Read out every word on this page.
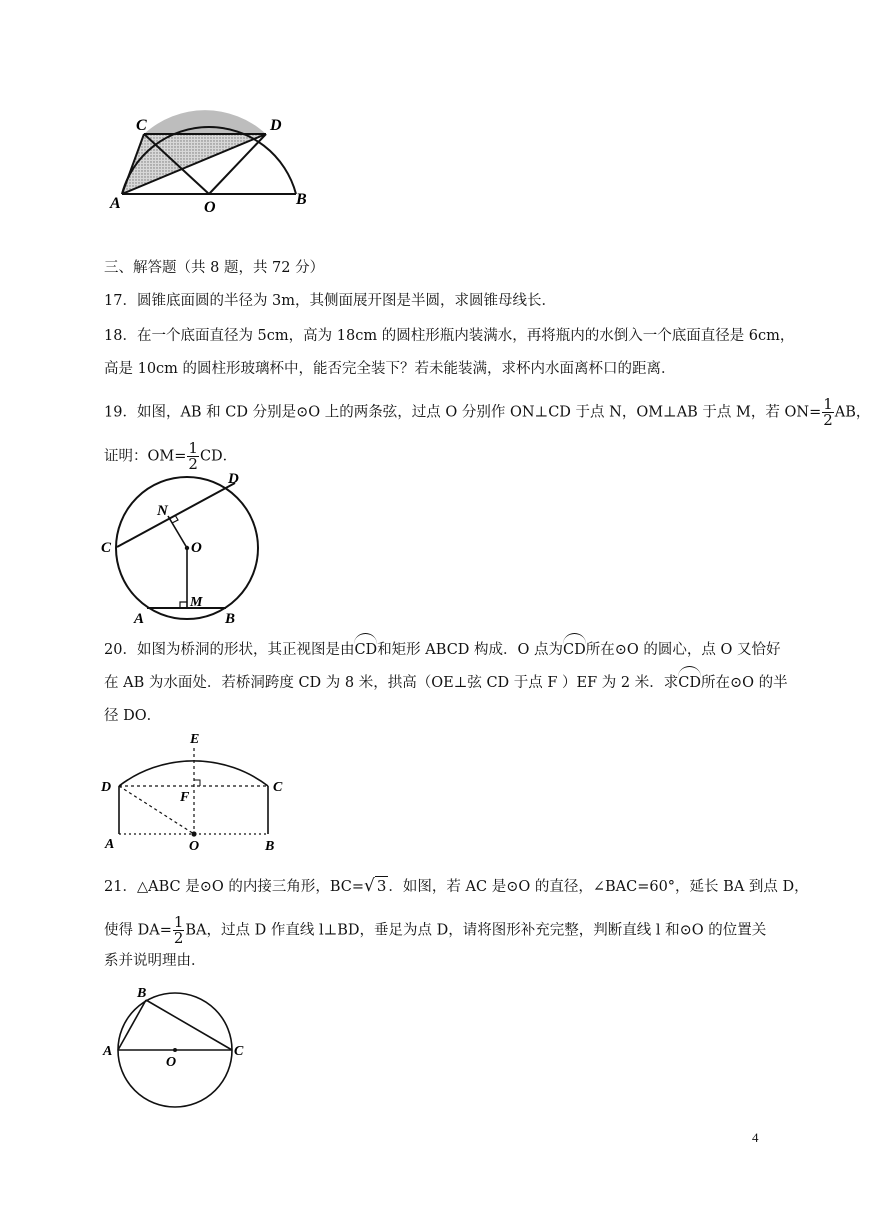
C	D
A	O	B
三、解答题（共 8 题，共 72 分）
17．圆锥底面圆的半径为 3m，其侧面展开图是半圆，求圆锥母线长．
18．在一个底面直径为 5cm，高为 18cm 的圆柱形瓶内装满水，再将瓶内的水倒入一个底面直径是 6cm，
高是 10cm 的圆柱形玻璃杯中，能否完全装下？若未能装满，求杯内水面离杯口的距离．
19．如图，AB 和 CD 分别是⊙O 上的两条弦，过点 O 分别作 ON⊥CD 于点 N，OM⊥AB 于点 M，若 $ON= \frac{1}{2}$ AB，
证明：$OM= \frac{1}{2}$ CD．
C
D
N
O
A	B
M
20．如图为桥洞的形状，其正视图是由CD和矩形 ABCD 构成．O 点为CD所在⊙O 的圆心，点 O 又恰好
在 AB 为水面处．若桥洞跨度 CD 为 8 米，拱高（OE⊥弦 CD 于点 F ）EF 为 2 米．求CD所在⊙O 的半
径 DO．
E
D	C
F
A	O	B
21．△ABC 是⊙O 的内接三角形，BC=√ 3 ．如图，若 AC 是⊙O 的直径，∠BAC=60°，延长 BA 到点 D，
使得 $DA= \frac{1}{2}$ BA，过点 D 作直线 l⊥BD，垂足为点 D，请将图形补充完整，判断直线 l 和⊙O 的位置关
系并说明理由．
B
A
O
C
4
